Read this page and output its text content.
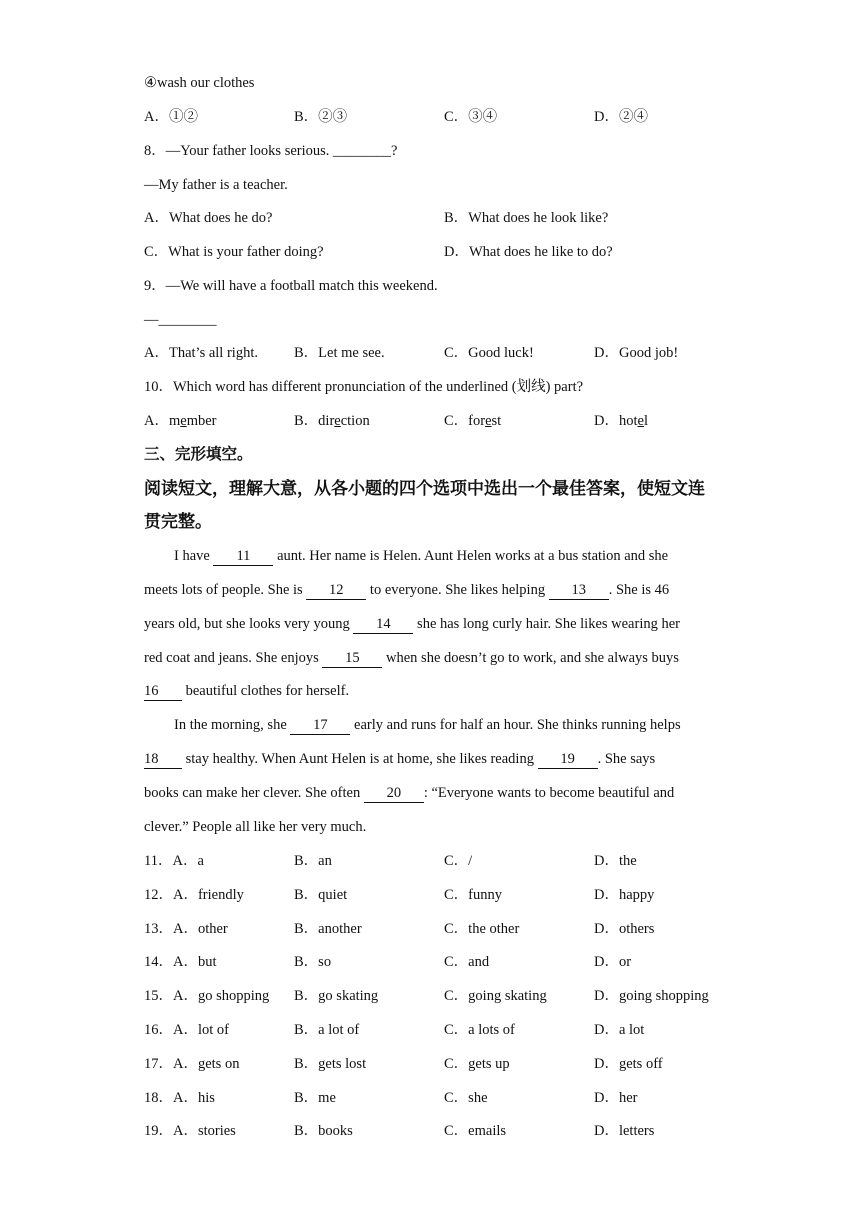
④wash our clothes
A．①②	B．②③	C．③④	D．②④
8．—Your father looks serious. ________?
—My father is a teacher.
A．What does he do?	B．What does he look like?
C．What is your father doing?	D．What does he like to do?
9．—We will have a football match this weekend.
—________
A．That’s all right. B．Let me see.	C．Good luck!	D．Good job!
10．Which word has different pronunciation of the underlined (划线) part?
A．member	B．direction	C．forest	D．hotel
三、完形填空。
阅读短文，理解大意，从各小题的四个选项中选出一个最佳答案，使短文连
贯完整。
I have 11 aunt. Her name is Helen. Aunt Helen works at a bus station and she
meets lots of people. She is 12 to everyone. She likes helping 13 . She is 46
years old, but she looks very young 14 she has long curly hair. She likes wearing her
red coat and jeans. She enjoys 15 when she doesn’t go to work, and she always buys
16 beautiful clothes for herself.
In the morning, she 17 early and runs for half an hour. She thinks running helps
18 stay healthy. When Aunt Helen is at home, she likes reading 19 . She says
books can make her clever. She often 20 : “Everyone wants to become beautiful and
clever.” People all like her very much.
11．A．a	B．an	C．/	D．the
12．A．friendly	B．quiet	C．funny	D．happy
13．A．other	B．another	C．the other	D．others
14．A．but	B．so	C．and	D．or
15．A．go shopping B．go skating	C．going skating	D．going shopping
16．A．lot of	B．a lot of	C．a lots of	D．a lot
17．A．gets on	B．gets lost	C．gets up	D．gets off
18．A．his	B．me	C．she	D．her
19．A．stories	B．books	C．emails	D．letters
